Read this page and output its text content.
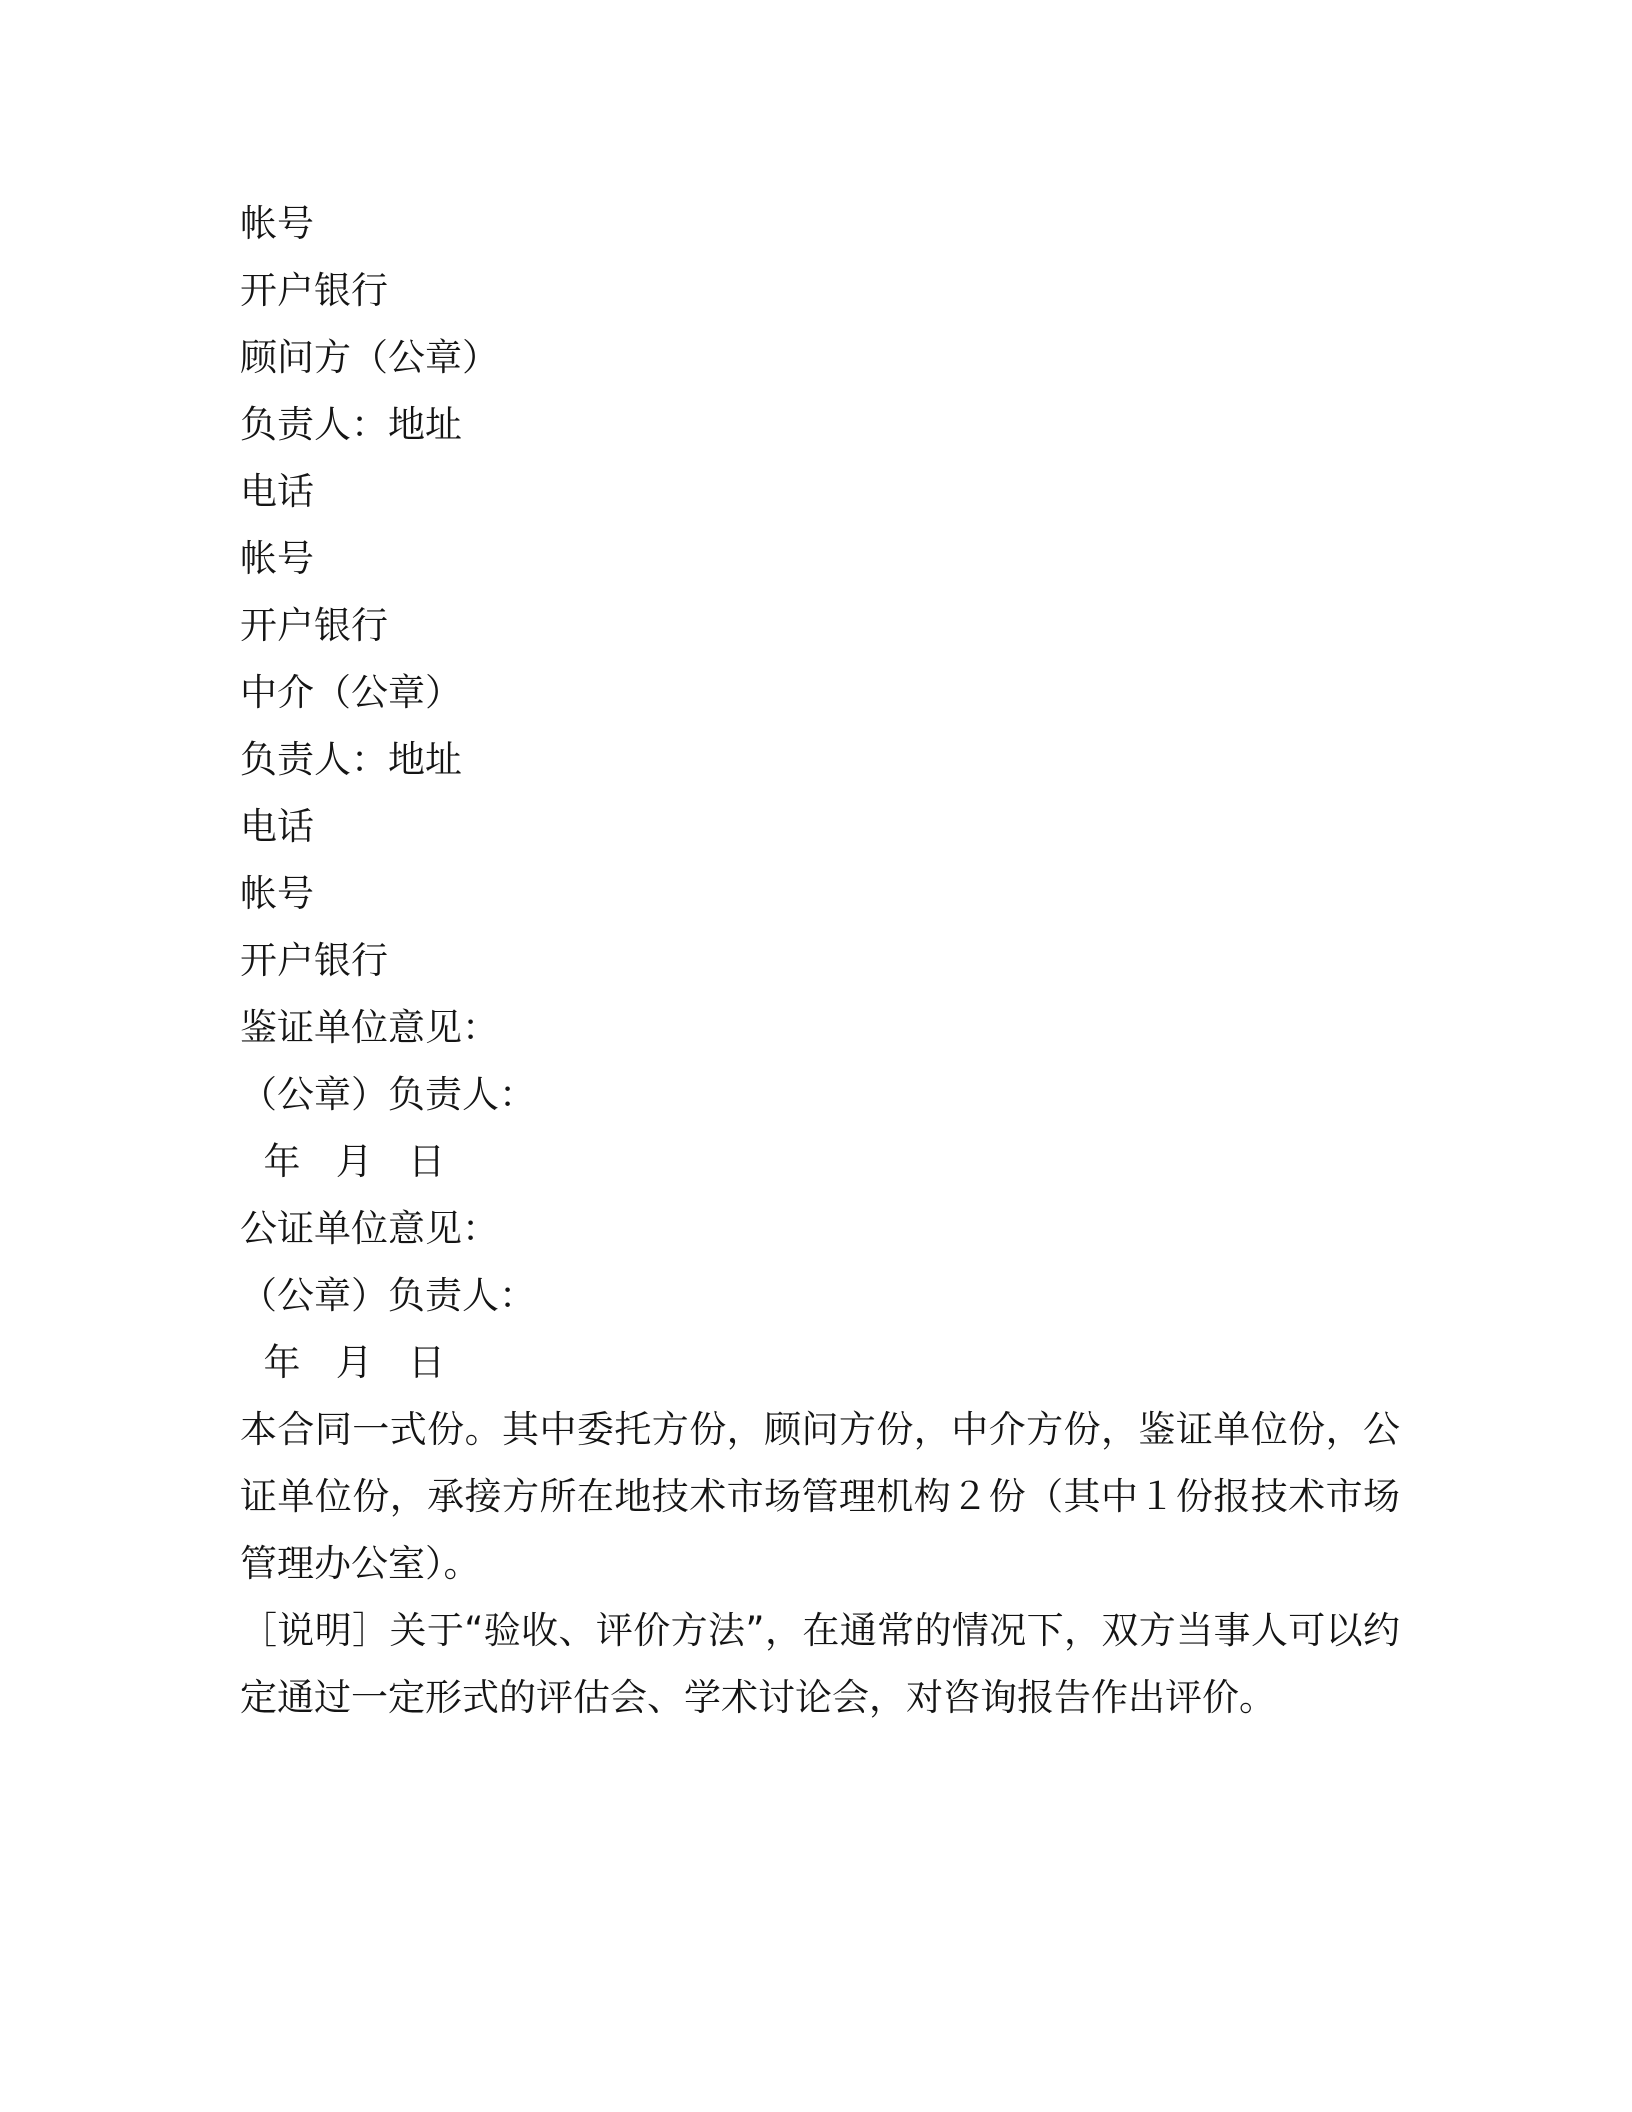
帐号
开户银行
顾问方（公章）
负责人：地址
电话
帐号
开户银行
中介（公章）
负责人：地址
电话
帐号
开户银行
鉴证单位意见：
（公章）负责人：
年   月   日
公证单位意见：
（公章）负责人：
年   月   日

本合同一式份。其中委托方份，顾问方份，中介方份，鉴证单位份，公证单位份，承接方所在地技术市场管理机构２份（其中１份报技术市场管理办公室）。

［说明］关于“验收、评价方法”，在通常的情况下，双方当事人可以约定通过一定形式的评估会、学术讨论会，对咨询报告作出评价。
